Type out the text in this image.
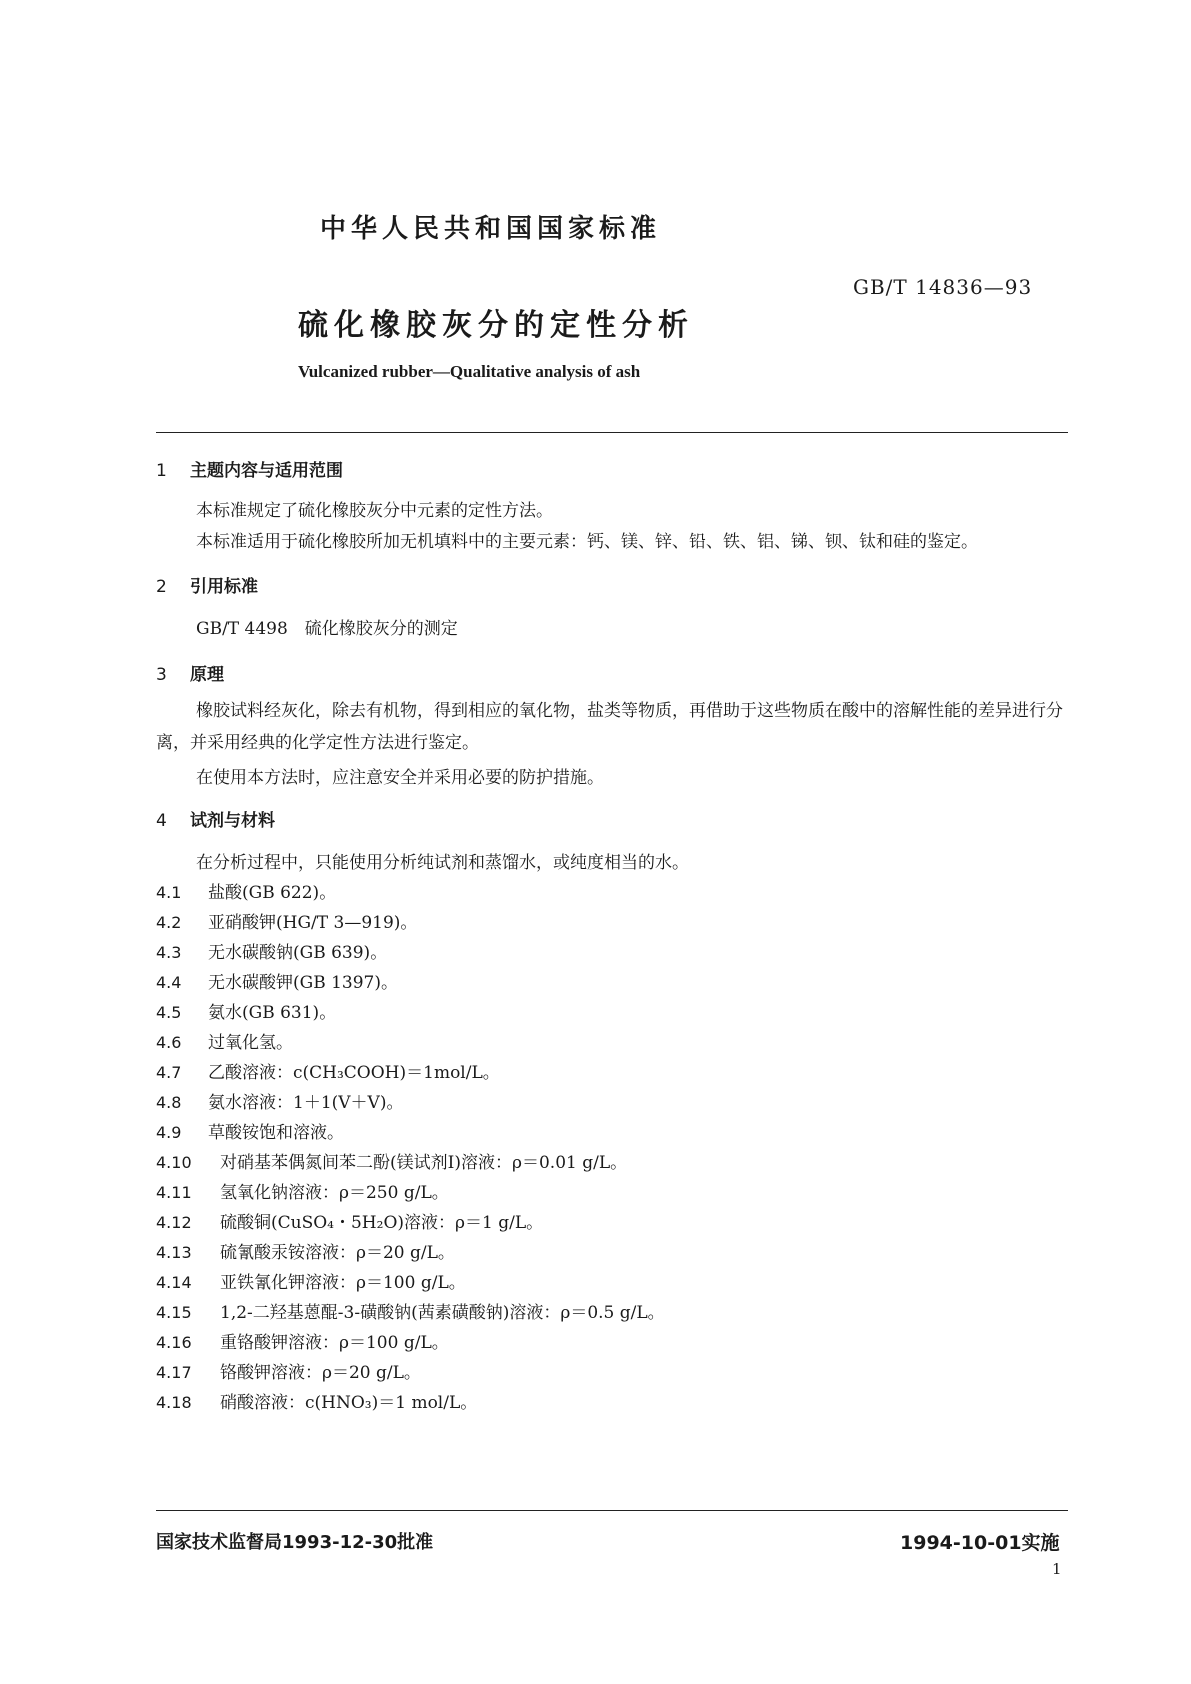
中华人民共和国国家标准
GB/T 14836—93
硫化橡胶灰分的定性分析
Vulcanized rubber—Qualitative analysis of ash
1 主题内容与适用范围
本标准规定了硫化橡胶灰分中元素的定性方法。
本标准适用于硫化橡胶所加无机填料中的主要元素：钙、镁、锌、铅、铁、铝、锑、钡、钛和硅的鉴定。
2 引用标准
GB/T 4498　硫化橡胶灰分的测定
3 原理
橡胶试料经灰化，除去有机物，得到相应的氧化物，盐类等物质，再借助于这些物质在酸中的溶解性能的差异进行分离，并采用经典的化学定性方法进行鉴定。
在使用本方法时，应注意安全并采用必要的防护措施。
4 试剂与材料
在分析过程中，只能使用分析纯试剂和蒸馏水，或纯度相当的水。
4.1 盐酸(GB 622)。
4.2 亚硝酸钾(HG/T 3—919)。
4.3 无水碳酸钠(GB 639)。
4.4 无水碳酸钾(GB 1397)。
4.5 氨水(GB 631)。
4.6 过氧化氢。
4.7 乙酸溶液：c(CH₃COOH)＝1mol/L。
4.8 氨水溶液：1＋1(V＋V)。
4.9 草酸铵饱和溶液。
4.10 对硝基苯偶氮间苯二酚(镁试剂Ⅰ)溶液：ρ＝0.01 g/L。
4.11 氢氧化钠溶液：ρ＝250 g/L。
4.12 硫酸铜(CuSO₄・5H₂O)溶液：ρ＝1 g/L。
4.13 硫氰酸汞铵溶液：ρ＝20 g/L。
4.14 亚铁氰化钾溶液：ρ＝100 g/L。
4.15 1,2-二羟基蒽醌-3-磺酸钠(茜素磺酸钠)溶液：ρ＝0.5 g/L。
4.16 重铬酸钾溶液：ρ＝100 g/L。
4.17 铬酸钾溶液：ρ＝20 g/L。
4.18 硝酸溶液：c(HNO₃)＝1 mol/L。
国家技术监督局1993-12-30批准	1994-10-01实施
1
